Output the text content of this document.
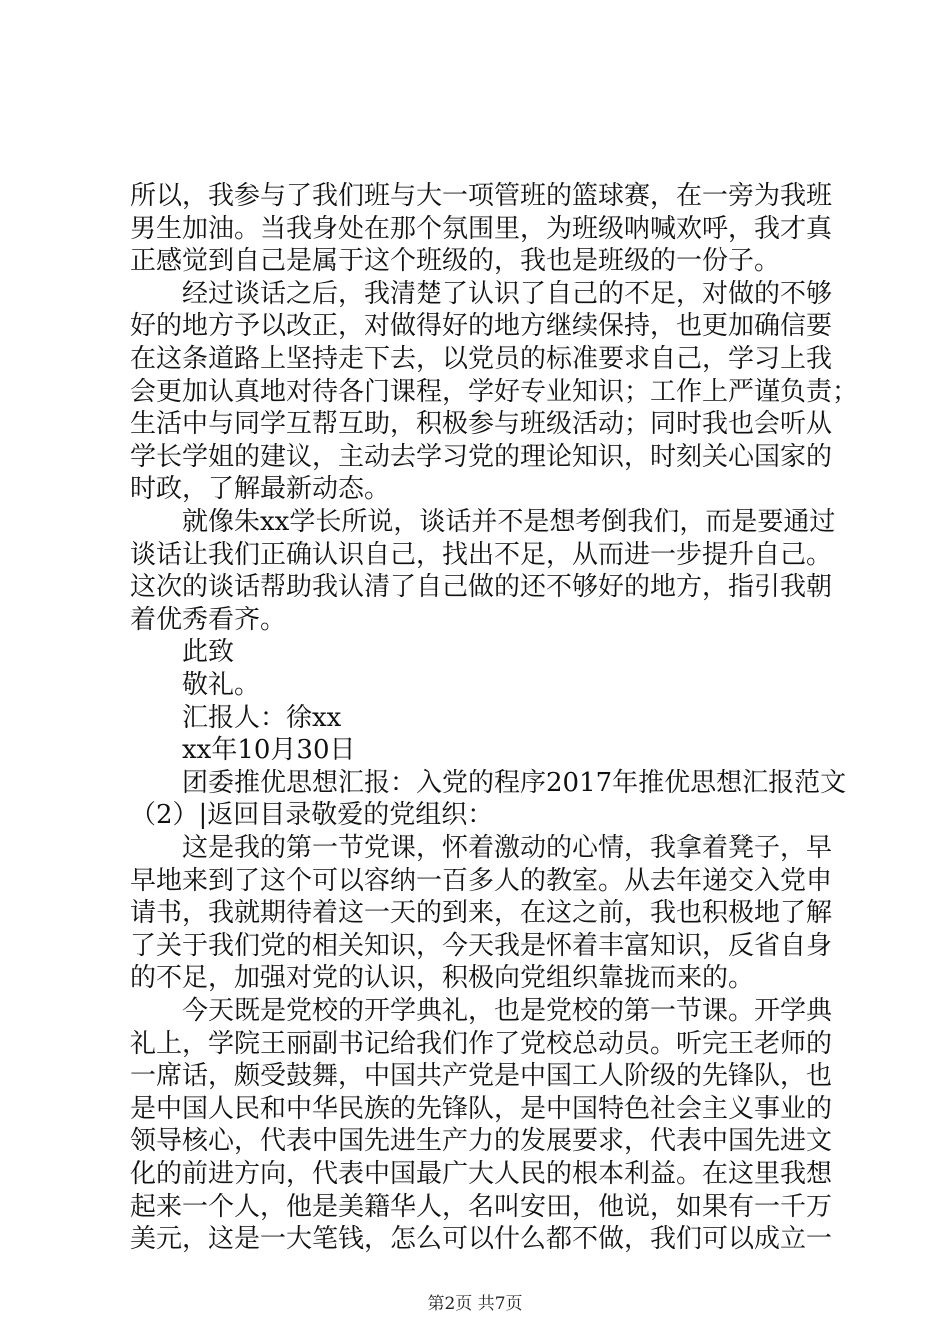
所以，我参与了我们班与大一项管班的篮球赛，在一旁为我班
男生加油。当我身处在那个氛围里，为班级呐喊欢呼，我才真
正感觉到自己是属于这个班级的，我也是班级的一份子。
经过谈话之后，我清楚了认识了自己的不足，对做的不够
好的地方予以改正，对做得好的地方继续保持，也更加确信要
在这条道路上坚持走下去，以党员的标准要求自己，学习上我
会更加认真地对待各门课程，学好专业知识；工作上严谨负责；
生活中与同学互帮互助，积极参与班级活动；同时我也会听从
学长学姐的建议，主动去学习党的理论知识，时刻关心国家的
时政，了解最新动态。
就像朱xx学长所说，谈话并不是想考倒我们，而是要通过
谈话让我们正确认识自己，找出不足，从而进一步提升自己。
这次的谈话帮助我认清了自己做的还不够好的地方，指引我朝
着优秀看齐。
此致
敬礼。
汇报人：徐xx
xx年10月30日
团委推优思想汇报：入党的程序2017年推优思想汇报范文
（2）|返回目录敬爱的党组织：
这是我的第一节党课，怀着激动的心情，我拿着凳子，早
早地来到了这个可以容纳一百多人的教室。从去年递交入党申
请书，我就期待着这一天的到来，在这之前，我也积极地了解
了关于我们党的相关知识，今天我是怀着丰富知识，反省自身
的不足，加强对党的认识，积极向党组织靠拢而来的。
今天既是党校的开学典礼，也是党校的第一节课。开学典
礼上，学院王丽副书记给我们作了党校总动员。听完王老师的
一席话，颇受鼓舞，中国共产党是中国工人阶级的先锋队，也
是中国人民和中华民族的先锋队，是中国特色社会主义事业的
领导核心，代表中国先进生产力的发展要求，代表中国先进文
化的前进方向，代表中国最广大人民的根本利益。在这里我想
起来一个人，他是美籍华人，名叫安田，他说，如果有一千万
美元，这是一大笔钱，怎么可以什么都不做，我们可以成立一
第2页 共7页
